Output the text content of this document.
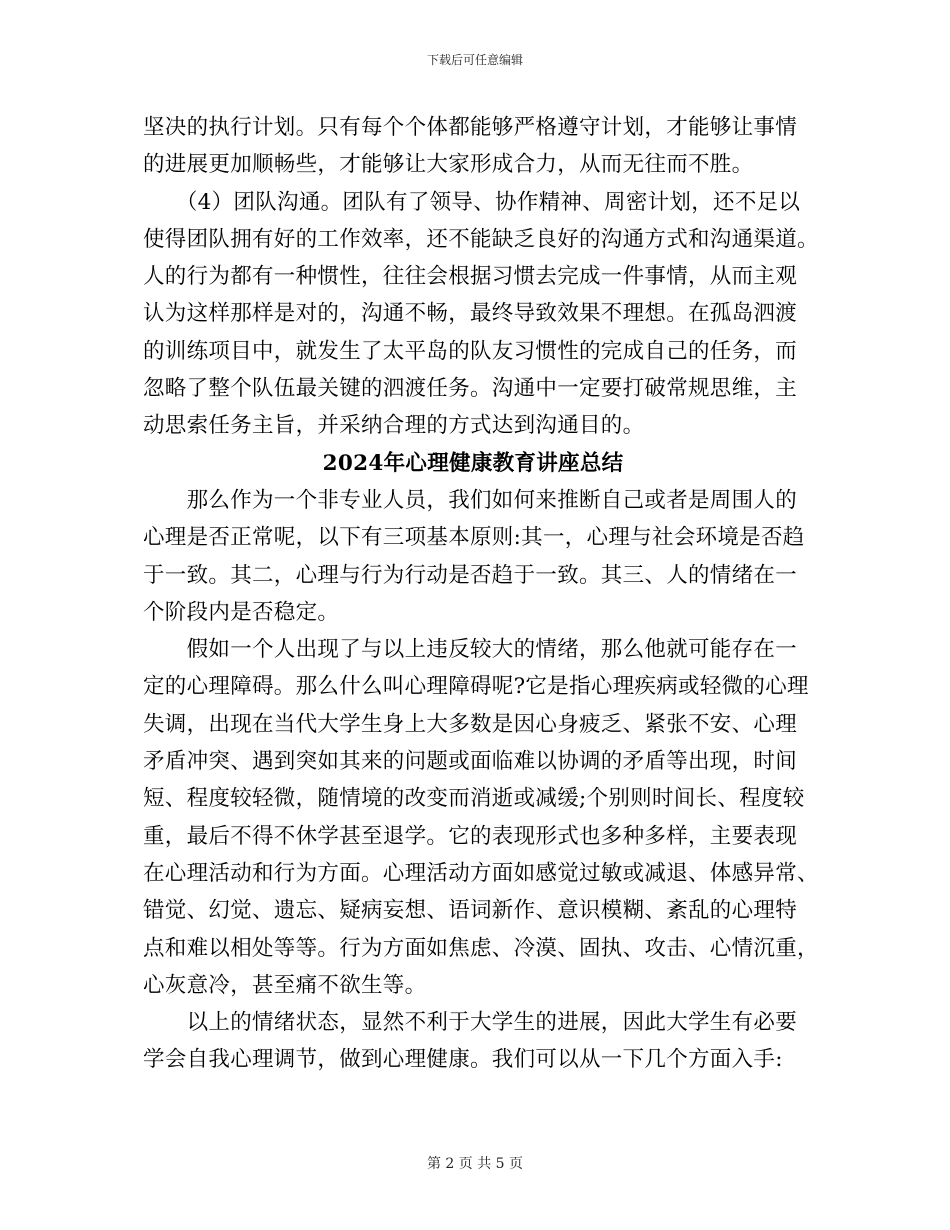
下载后可任意编辑
坚决的执行计划。只有每个个体都能够严格遵守计划，才能够让事情
的进展更加顺畅些，才能够让大家形成合力，从而无往而不胜。
　　（4）团队沟通。团队有了领导、协作精神、周密计划，还不足以
使得团队拥有好的工作效率，还不能缺乏良好的沟通方式和沟通渠道。
人的行为都有一种惯性，往往会根据习惯去完成一件事情，从而主观
认为这样那样是对的，沟通不畅，最终导致效果不理想。在孤岛泗渡
的训练项目中，就发生了太平岛的队友习惯性的完成自己的任务，而
忽略了整个队伍最关键的泗渡任务。沟通中一定要打破常规思维，主
动思索任务主旨，并采纳合理的方式达到沟通目的。
2024年心理健康教育讲座总结
　　那么作为一个非专业人员，我们如何来推断自己或者是周围人的
心理是否正常呢，以下有三项基本原则:其一，心理与社会环境是否趋
于一致。其二，心理与行为行动是否趋于一致。其三、人的情绪在一
个阶段内是否稳定。
　　假如一个人出现了与以上违反较大的情绪，那么他就可能存在一
定的心理障碍。那么什么叫心理障碍呢?它是指心理疾病或轻微的心理
失调，出现在当代大学生身上大多数是因心身疲乏、紧张不安、心理
矛盾冲突、遇到突如其来的问题或面临难以协调的矛盾等出现，时间
短、程度较轻微，随情境的改变而消逝或减缓;个别则时间长、程度较
重，最后不得不休学甚至退学。它的表现形式也多种多样，主要表现
在心理活动和行为方面。心理活动方面如感觉过敏或减退、体感异常、
错觉、幻觉、遗忘、疑病妄想、语词新作、意识模糊、紊乱的心理特
点和难以相处等等。行为方面如焦虑、冷漠、固执、攻击、心情沉重，
心灰意冷，甚至痛不欲生等。
　　以上的情绪状态，显然不利于大学生的进展，因此大学生有必要
学会自我心理调节，做到心理健康。我们可以从一下几个方面入手:
第 2 页 共 5 页
